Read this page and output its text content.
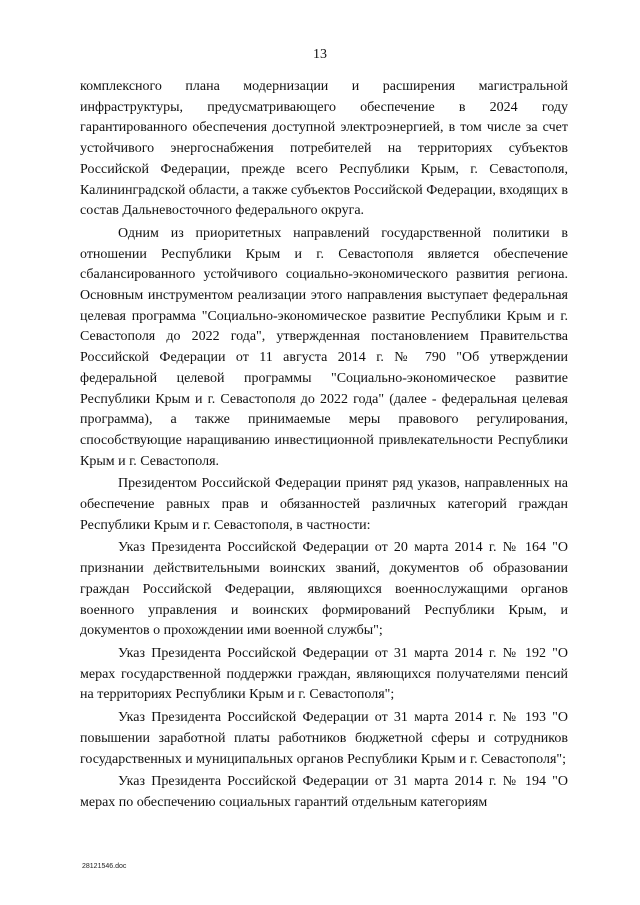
13

комплексного плана модернизации и расширения магистральной инфраструктуры, предусматривающего обеспечение в 2024 году гарантированного обеспечения доступной электроэнергией, в том числе за счет устойчивого энергоснабжения потребителей на территориях субъектов Российской Федерации, прежде всего Республики Крым, г. Севастополя, Калининградской области, а также субъектов Российской Федерации, входящих в состав Дальневосточного федерального округа.

Одним из приоритетных направлений государственной политики в отношении Республики Крым и г. Севастополя является обеспечение сбалансированного устойчивого социально-экономического развития региона. Основным инструментом реализации этого направления выступает федеральная целевая программа "Социально-экономическое развитие Республики Крым и г. Севастополя до 2022 года", утвержденная постановлением Правительства Российской Федерации от 11 августа 2014 г. № 790 "Об утверждении федеральной целевой программы "Социально-экономическое развитие Республики Крым и г. Севастополя до 2022 года" (далее - федеральная целевая программа), а также принимаемые меры правового регулирования, способствующие наращиванию инвестиционной привлекательности Республики Крым и г. Севастополя.

Президентом Российской Федерации принят ряд указов, направленных на обеспечение равных прав и обязанностей различных категорий граждан Республики Крым и г. Севастополя, в частности:

Указ Президента Российской Федерации от 20 марта 2014 г. № 164 "О признании действительными воинских званий, документов об образовании граждан Российской Федерации, являющихся военнослужащими органов военного управления и воинских формирований Республики Крым, и документов о прохождении ими военной службы";

Указ Президента Российской Федерации от 31 марта 2014 г. № 192 "О мерах государственной поддержки граждан, являющихся получателями пенсий на территориях Республики Крым и г. Севастополя";

Указ Президента Российской Федерации от 31 марта 2014 г. № 193 "О повышении заработной платы работников бюджетной сферы и сотрудников государственных и муниципальных органов Республики Крым и г. Севастополя";

Указ Президента Российской Федерации от 31 марта 2014 г. № 194 "О мерах по обеспечению социальных гарантий отдельным категориям

28121546.doc
